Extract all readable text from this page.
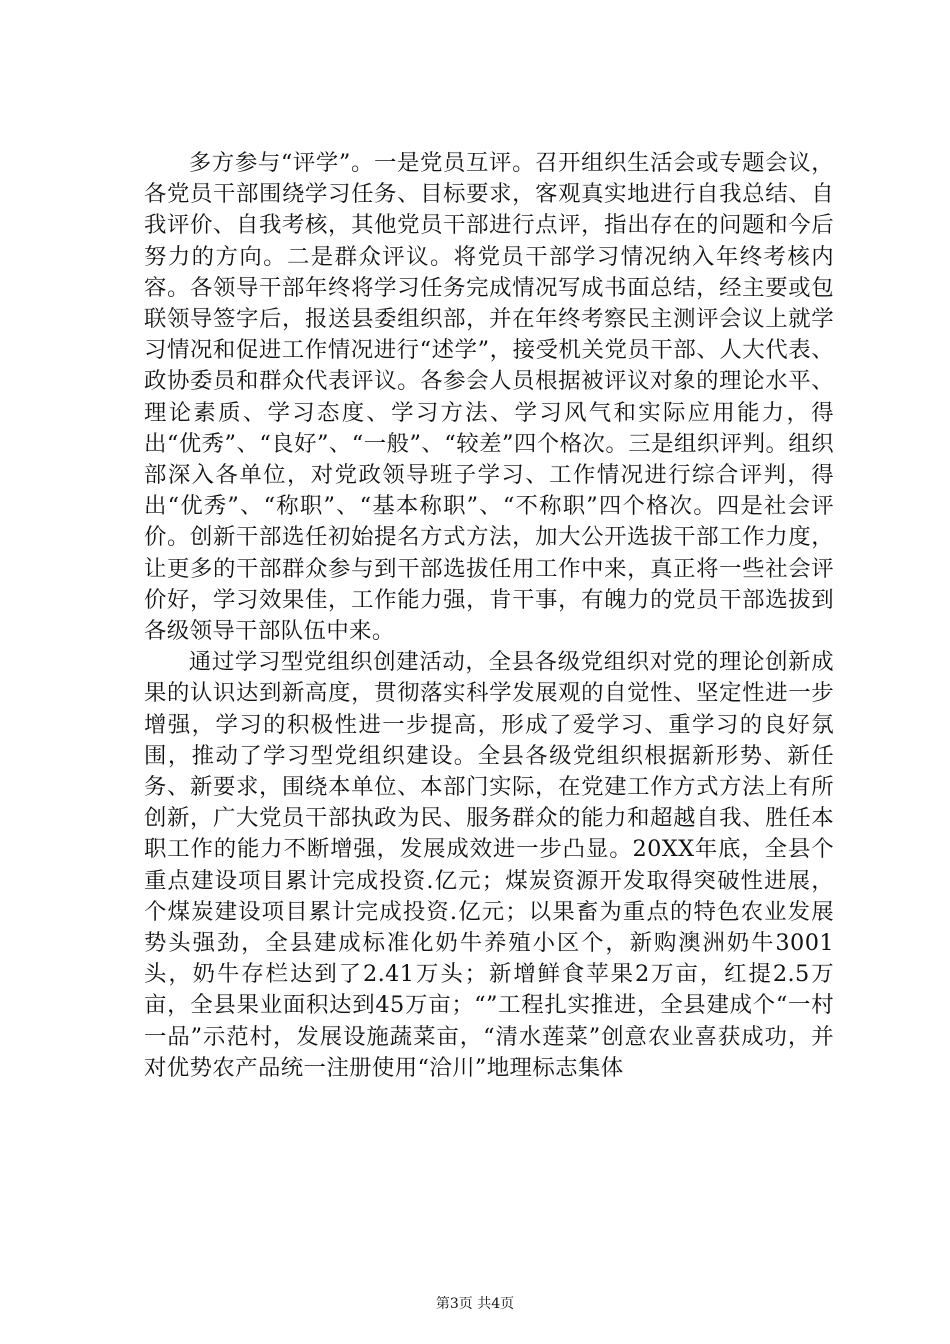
多方参与“评学”。一是党员互评。召开组织生活会或专题会议，各党员干部围绕学习任务、目标要求，客观真实地进行自我总结、自我评价、自我考核，其他党员干部进行点评，指出存在的问题和今后努力的方向。二是群众评议。将党员干部学习情况纳入年终考核内容。各领导干部年终将学习任务完成情况写成书面总结，经主要或包联领导签字后，报送县委组织部，并在年终考察民主测评会议上就学习情况和促进工作情况进行“述学”，接受机关党员干部、人大代表、政协委员和群众代表评议。各参会人员根据被评议对象的理论水平、理论素质、学习态度、学习方法、学习风气和实际应用能力，得出“优秀”、“良好”、“一般”、“较差”四个格次。三是组织评判。组织部深入各单位，对党政领导班子学习、工作情况进行综合评判，得出“优秀”、“称职”、“基本称职”、“不称职”四个格次。四是社会评价。创新干部选任初始提名方式方法，加大公开选拔干部工作力度，让更多的干部群众参与到干部选拔任用工作中来，真正将一些社会评价好，学习效果佳，工作能力强，肯干事，有魄力的党员干部选拔到各级领导干部队伍中来。

通过学习型党组织创建活动，全县各级党组织对党的理论创新成果的认识达到新高度，贯彻落实科学发展观的自觉性、坚定性进一步增强，学习的积极性进一步提高，形成了爱学习、重学习的良好氛围，推动了学习型党组织建设。全县各级党组织根据新形势、新任务、新要求，围绕本单位、本部门实际，在党建工作方式方法上有所创新，广大党员干部执政为民、服务群众的能力和超越自我、胜任本职工作的能力不断增强，发展成效进一步凸显。20XX年底，全县个重点建设项目累计完成投资.亿元；煤炭资源开发取得突破性进展，个煤炭建设项目累计完成投资.亿元；以果畜为重点的特色农业发展势头强劲，全县建成标准化奶牛养殖小区个，新购澳洲奶牛3001头，奶牛存栏达到了2.41万头；新增鲜食苹果2万亩，红提2.5万亩，全县果业面积达到45万亩；“”工程扎实推进，全县建成个“一村一品”示范村，发展设施蔬菜亩，“清水莲菜”创意农业喜获成功，并对优势农产品统一注册使用“洽川”地理标志集体

第3页 共4页
